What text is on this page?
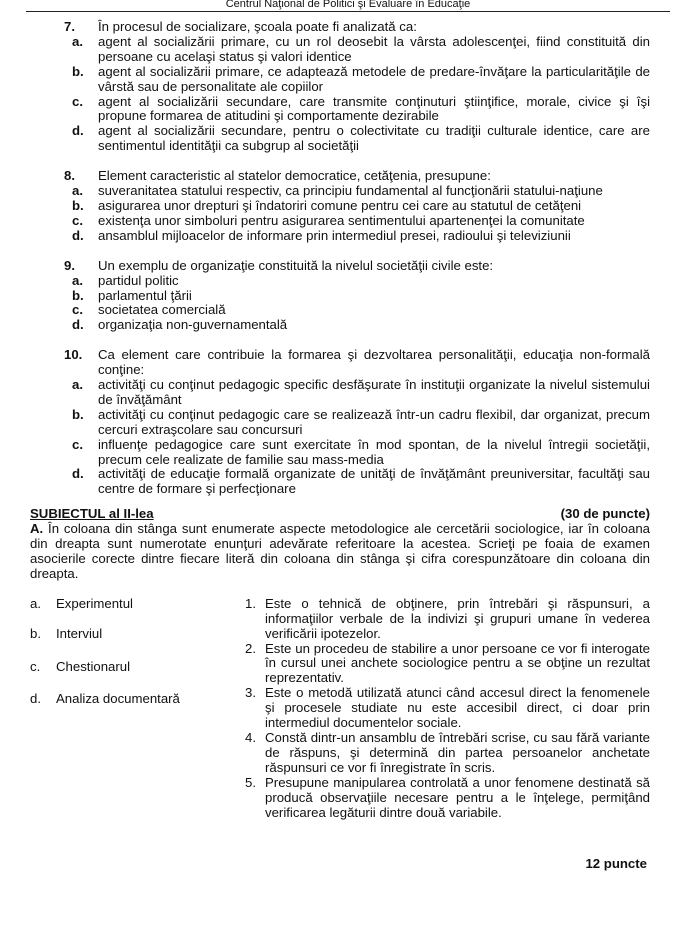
Centrul Naţional de Politici şi Evaluare în Educaţie
7. În procesul de socializare, şcoala poate fi analizată ca:
a. agent al socializării primare, cu un rol deosebit la vârsta adolescenţei, fiind constituită din persoane cu acelaşi status şi valori identice
b. agent al socializării primare, ce adaptează metodele de predare-învăţare la particularităţile de vârstă sau de personalitate ale copiilor
c. agent al socializării secundare, care transmite conţinuturi ştiinţifice, morale, civice şi îşi propune formarea de atitudini şi comportamente dezirabile
d. agent al socializării secundare, pentru o colectivitate cu tradiţii culturale identice, care are sentimentul identităţii ca subgrup al societăţii
8. Element caracteristic al statelor democratice, cetăţenia, presupune:
a. suveranitatea statului respectiv, ca principiu fundamental al funcţionării statului-naţiune
b. asigurarea unor drepturi şi îndatoriri comune pentru cei care au statutul de cetăţeni
c. existenţa unor simboluri pentru asigurarea sentimentului apartenenţei la comunitate
d. ansamblul mijloacelor de informare prin intermediul presei, radioului şi televiziunii
9. Un exemplu de organizaţie constituită la nivelul societăţii civile este:
a. partidul politic
b. parlamentul ţării
c. societatea comercială
d. organizaţia non-guvernamentală
10. Ca element care contribuie la formarea şi dezvoltarea personalităţii, educaţia non-formală conţine:
a. activităţi cu conţinut pedagogic specific desfăşurate în instituţii organizate la nivelul sistemului de învăţământ
b. activităţi cu conţinut pedagogic care se realizează într-un cadru flexibil, dar organizat, precum cercuri extraşcolare sau concursuri
c. influenţe pedagogice care sunt exercitate în mod spontan, de la nivelul întregii societăţii, precum cele realizate de familie sau mass-media
d. activităţi de educaţie formală organizate de unităţi de învăţământ preuniversitar, facultăţi sau centre de formare şi perfecţionare
SUBIECTUL al II-lea	(30 de puncte)
A. În coloana din stânga sunt enumerate aspecte metodologice ale cercetării sociologice, iar în coloana din dreapta sunt numerotate enunţuri adevărate referitoare la acestea. Scrieţi pe foaia de examen asocierile corecte dintre fiecare literă din coloana din stânga şi cifra corespunzătoare din coloana din dreapta.
a. Experimentul
b. Interviul
c. Chestionarul
d. Analiza documentară
1. Este o tehnică de obţinere, prin întrebări şi răspunsuri, a informaţiilor verbale de la indivizi şi grupuri umane în vederea verificării ipotezelor.
2. Este un procedeu de stabilire a unor persoane ce vor fi interogate în cursul unei anchete sociologice pentru a se obţine un rezultat reprezentativ.
3. Este o metodă utilizată atunci când accesul direct la fenomenele şi procesele studiate nu este accesibil direct, ci doar prin intermediul documentelor sociale.
4. Constă dintr-un ansamblu de întrebări scrise, cu sau fără variante de răspuns, şi determină din partea persoanelor anchetate răspunsuri ce vor fi înregistrate în scris.
5. Presupune manipularea controlată a unor fenomene destinată să producă observaţiile necesare pentru a le înţelege, permiţând verificarea legăturii dintre două variabile.
12 puncte
